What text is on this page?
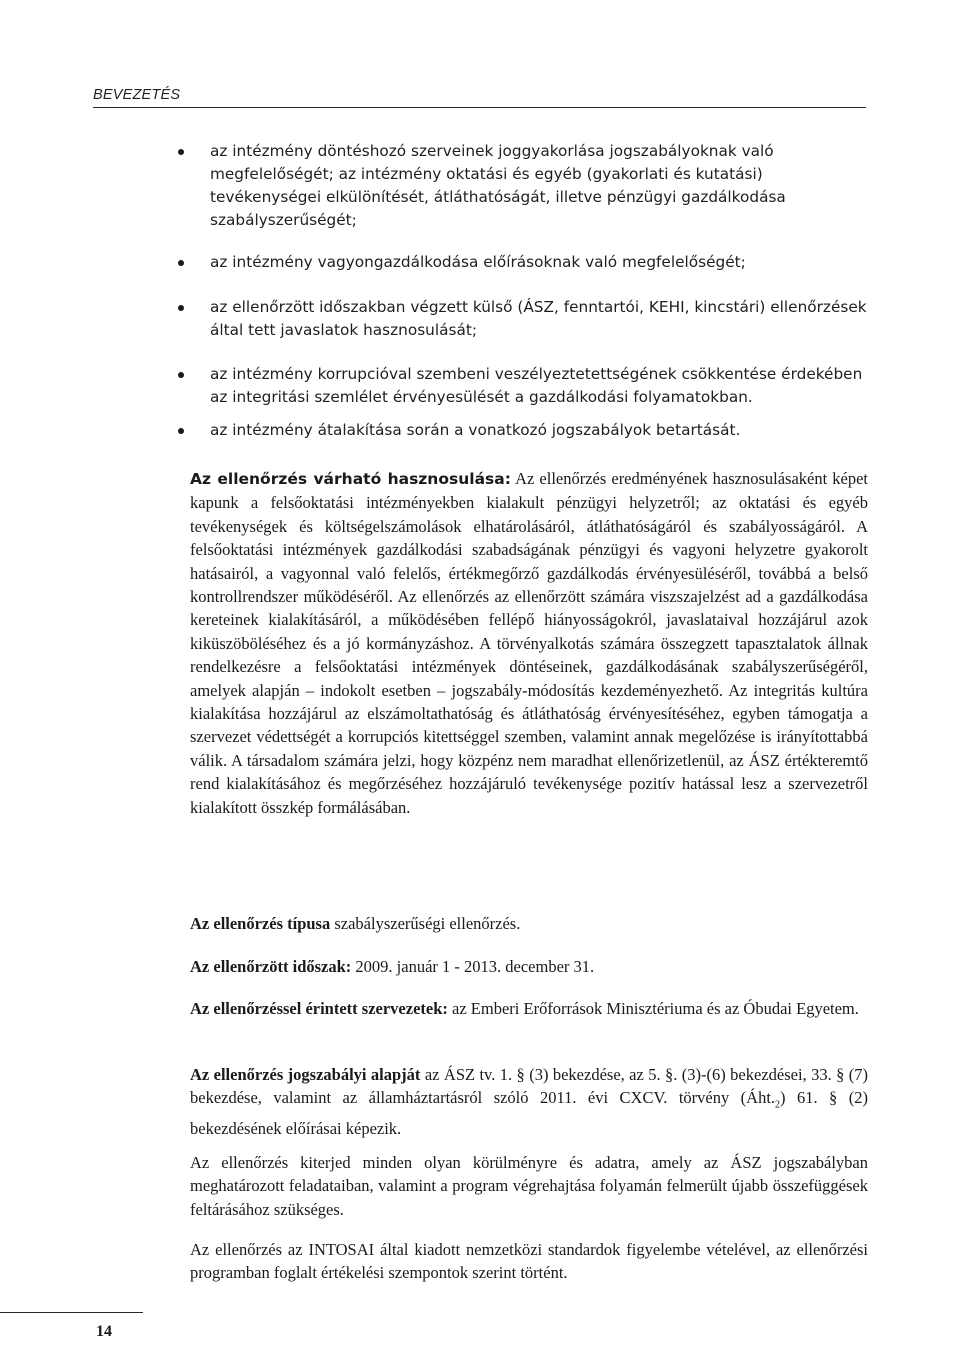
BEVEZETÉS
az intézmény döntéshozó szerveinek joggyakorlása jogszabályoknak való megfelelőségét; az intézmény oktatási és egyéb (gyakorlati és kutatási) tevékenységei elkülönítését, átláthatóságát, illetve pénzügyi gazdálkodása szabályszerűségét;
az intézmény vagyongazdálkodása előírásoknak való megfelelőségét;
az ellenőrzött időszakban végzett külső (ÁSZ, fenntartói, KEHI, kincstári) ellenőrzések által tett javaslatok hasznosulását;
az intézmény korrupcióval szembeni veszélyeztetettségének csökkentése érdekében az integritási szemlélet érvényesülését a gazdálkodási folyamatokban.
az intézmény átalakítása során a vonatkozó jogszabályok betartását.

Az ellenőrzés várható hasznosulása: Az ellenőrzés eredményének hasznosulásaként képet kapunk a felsőoktatási intézményekben kialakult pénzügyi helyzetről; az oktatási és egyéb tevékenységek és költségelszámolások elhatárolásáról, átláthatóságáról és szabályosságáról. A felsőoktatási intézmények gazdálkodási szabadságának pénzügyi és vagyoni helyzetre gyakorolt hatásairól, a vagyonnal való felelős, értékmegőrző gazdálkodás érvényesüléséről, továbbá a belső kontrollrendszer működéséről. Az ellenőrzés az ellenőrzött számára viszszajelzést ad a gazdálkodása kereteinek kialakításáról, a működésében fellépő hiányosságokról, javaslataival hozzájárul azok kiküszöböléséhez és a jó kormányzáshoz. A törvényalkotás számára összegzett tapasztalatok állnak rendelkezésre a felsőoktatási intézmények döntéseinek, gazdálkodásának szabályszerűségéről, amelyek alapján – indokolt esetben – jogszabály-módosítás kezdeményezhető. Az integritás kultúra kialakítása hozzájárul az elszámoltathatóság és átláthatóság érvényesítéséhez, egyben támogatja a szervezet védettségét a korrupciós kitettséggel szemben, valamint annak megelőzése is irányítottabbá válik. A társadalom számára jelzi, hogy közpénz nem maradhat ellenőrizetlenül, az ÁSZ értékteremtő rend kialakításához és megőrzéséhez hozzájáruló tevékenysége pozitív hatással lesz a szervezetről kialakított összkép formálásában.

Az ellenőrzés típusa szabályszerűségi ellenőrzés.

Az ellenőrzött időszak: 2009. január 1 - 2013. december 31.

Az ellenőrzéssel érintett szervezetek: az Emberi Erőforrások Minisztériuma és az Óbudai Egyetem.

Az ellenőrzés jogszabályi alapját az ÁSZ tv. 1. § (3) bekezdése, az 5. §. (3)-(6) bekezdései, 33. § (7) bekezdése, valamint az államháztartásról szóló 2011. évi CXCV. törvény $(Áht._2)$ 61. § (2) bekezdésének előírásai képezik.

Az ellenőrzés kiterjed minden olyan körülményre és adatra, amely az ÁSZ jogszabályban meghatározott feladataiban, valamint a program végrehajtása folyamán felmerült újabb összefüggések feltárásához szükséges.

Az ellenőrzés az INTOSAI által kiadott nemzetközi standardok figyelembe vételével, az ellenőrzési programban foglalt értékelési szempontok szerint történt.

14
